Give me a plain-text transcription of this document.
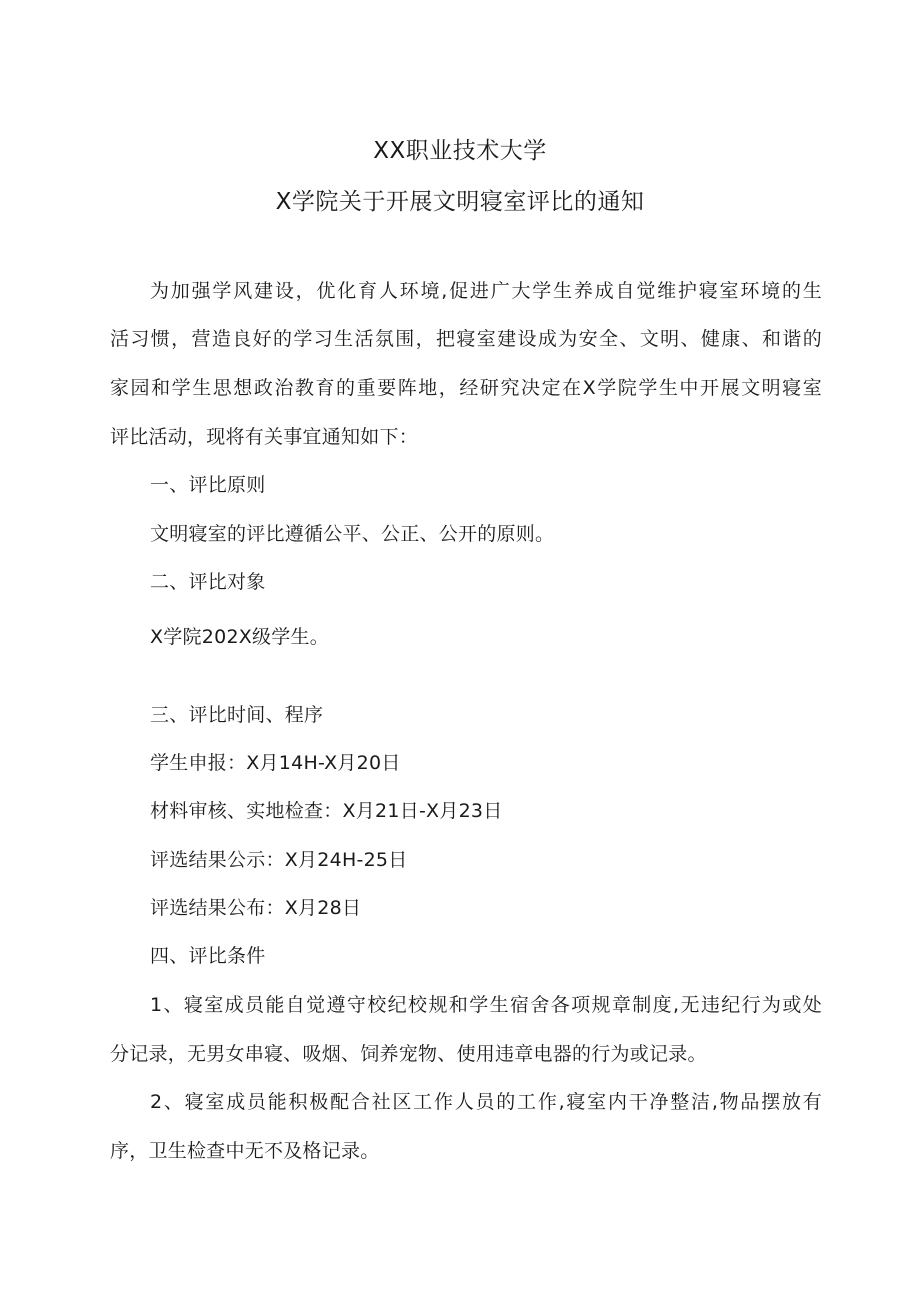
XX职业技术大学
X学院关于开展文明寝室评比的通知
为加强学风建设，优化育人环境,促进广大学生养成自觉维护寝室环境的生
活习惯，营造良好的学习生活氛围，把寝室建设成为安全、文明、健康、和谐的
家园和学生思想政治教育的重要阵地，经研究决定在X学院学生中开展文明寝室
评比活动，现将有关事宜通知如下：
一、评比原则
文明寝室的评比遵循公平、公正、公开的原则。
二、评比对象
X学院202X级学生。
三、评比时间、程序
学生申报：X月14H-X月20日
材料审核、实地检查：X月21日-X月23日
评选结果公示：X月24H-25日
评选结果公布：X月28日
四、评比条件
1、寝室成员能自觉遵守校纪校规和学生宿舍各项规章制度,无违纪行为或处
分记录，无男女串寝、吸烟、饲养宠物、使用违章电器的行为或记录。
2、寝室成员能积极配合社区工作人员的工作,寝室内干净整洁,物品摆放有
序，卫生检查中无不及格记录。
